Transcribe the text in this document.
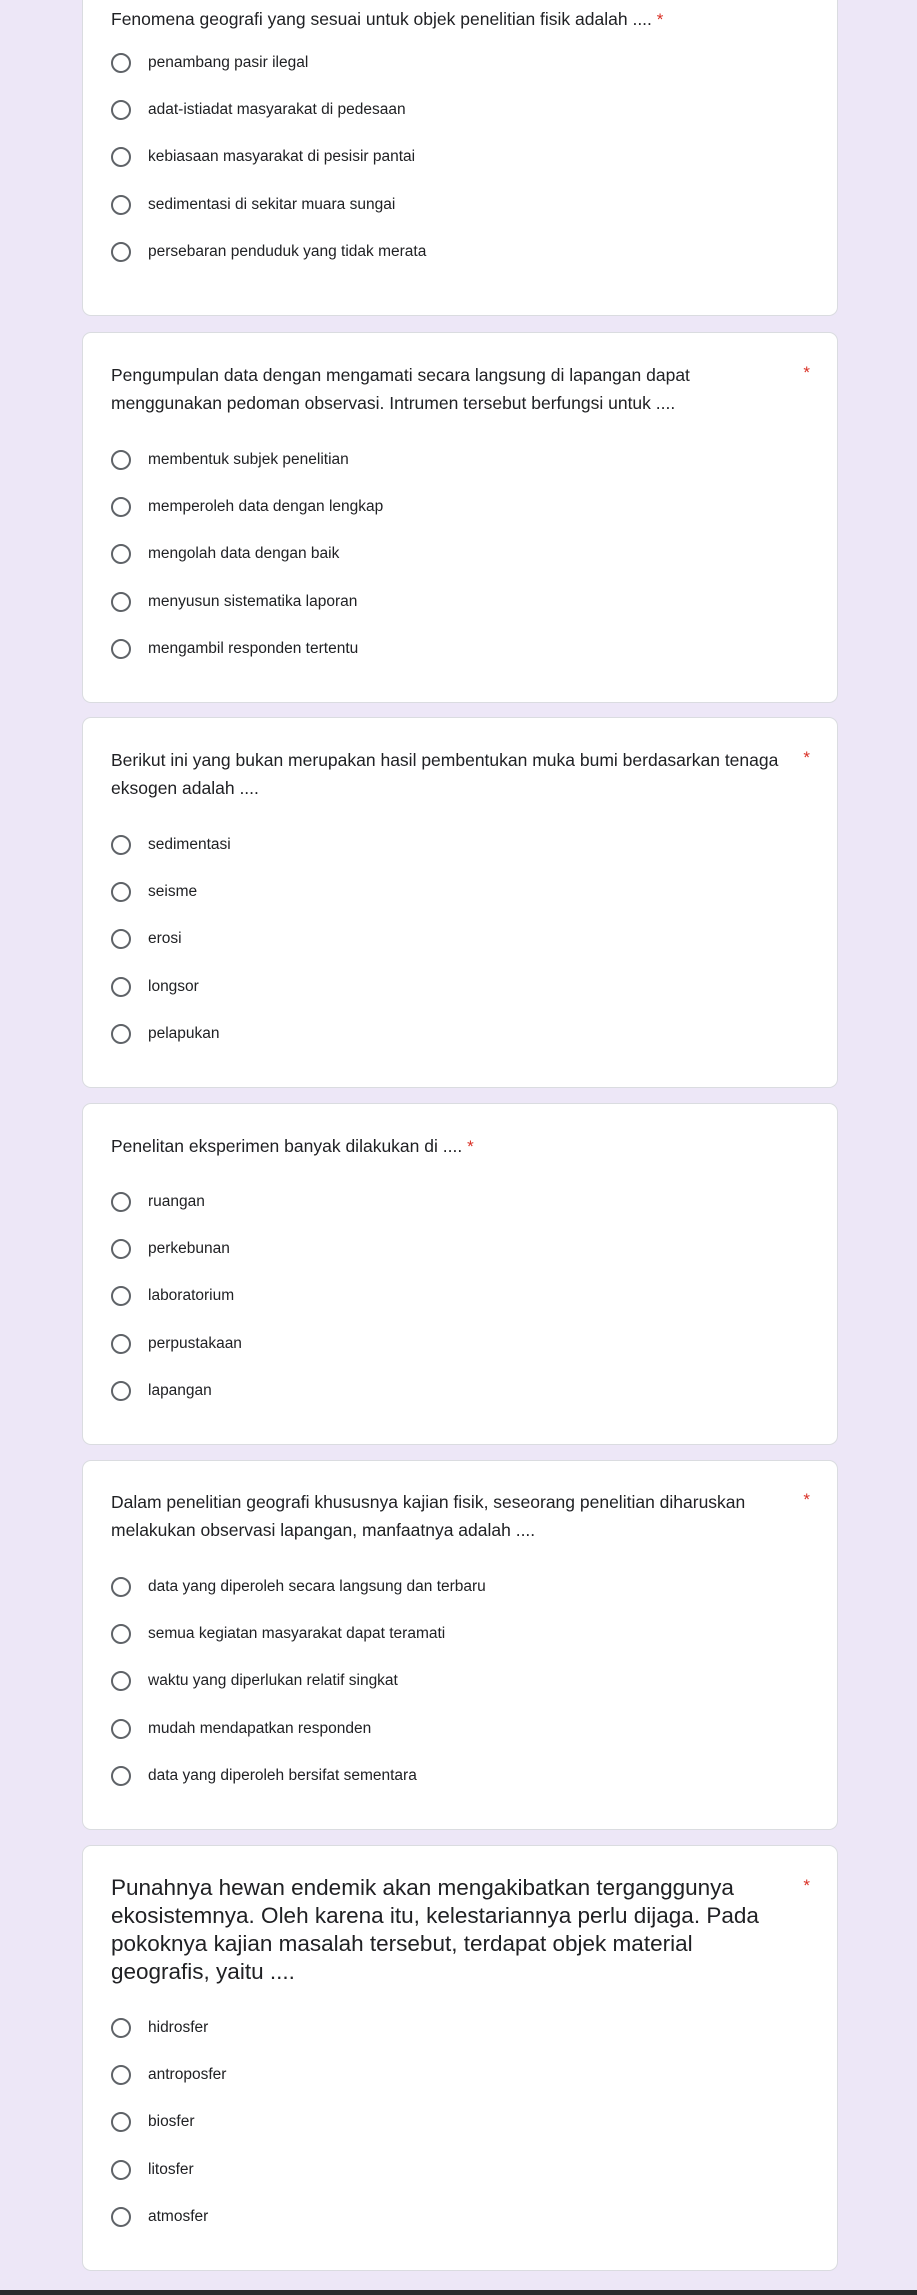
Fenomena geografi yang sesuai untuk objek penelitian fisik adalah .... *

penambang pasir ilegal
adat-istiadat masyarakat di pedesaan
kebiasaan masyarakat di pesisir pantai
sedimentasi di sekitar muara sungai
persebaran penduduk yang tidak merata

Pengumpulan data dengan mengamati secara langsung di lapangan dapat menggunakan pedoman observasi. Intrumen tersebut berfungsi untuk ....

*
membentuk subjek penelitian
memperoleh data dengan lengkap
mengolah data dengan baik
menyusun sistematika laporan
mengambil responden tertentu

Berikut ini yang bukan merupakan hasil pembentukan muka bumi berdasarkan tenaga eksogen adalah ....

*
sedimentasi
seisme
erosi
longsor
pelapukan

Penelitan eksperimen banyak dilakukan di .... *

ruangan
perkebunan
laboratorium
perpustakaan
lapangan

Dalam penelitian geografi khususnya kajian fisik, seseorang penelitian diharuskan melakukan observasi lapangan, manfaatnya adalah ....

*
data yang diperoleh secara langsung dan terbaru
semua kegiatan masyarakat dapat teramati
waktu yang diperlukan relatif singkat
mudah mendapatkan responden
data yang diperoleh bersifat sementara

Punahnya hewan endemik akan mengakibatkan terganggunya ekosistemnya. Oleh karena itu, kelestariannya perlu dijaga. Pada pokoknya kajian masalah tersebut, terdapat objek material geografis, yaitu ....

*
hidrosfer
antroposfer
biosfer
litosfer
atmosfer
